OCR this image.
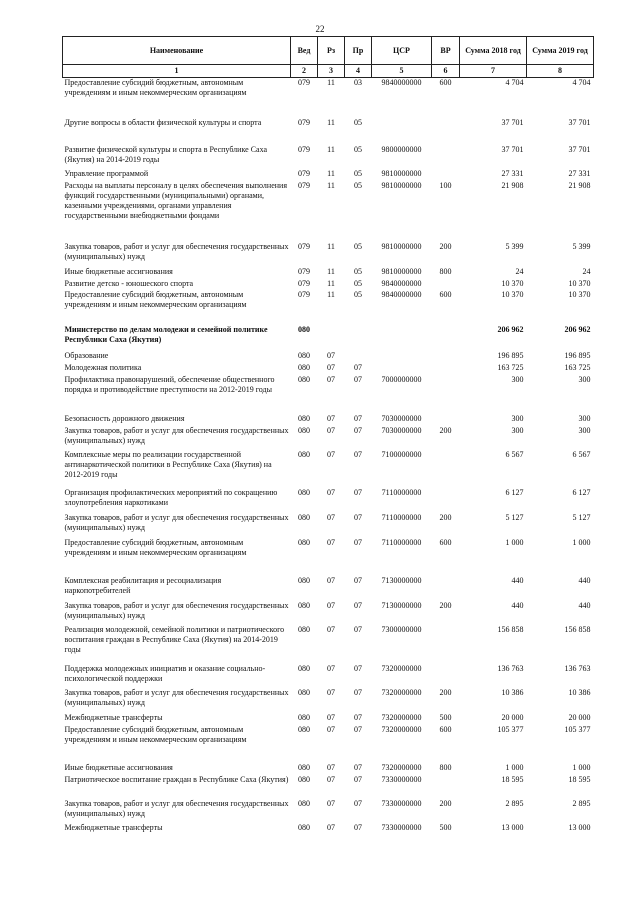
22
Наименование	Вед	Рз	Пр	ЦСР	ВР	Сумма 2018 год	Сумма 2019 год
1	2	3	4	5	6	7	8
Предоставление субсидий бюджетным, автономным учреждениям и иным некоммерческим организациям	079	11	03	9840000000	600	4 704	4 704
Другие вопросы в области физической культуры и спорта	079	11	05			37 701	37 701
Развитие физической культуры и спорта в Республике Саха (Якутия) на 2014-2019 годы	079	11	05	9800000000		37 701	37 701
Управление программой	079	11	05	9810000000		27 331	27 331
Расходы на выплаты персоналу в целях обеспечения выполнения функций государственными (муниципальными) органами, казенными учреждениями, органами управления государственными внебюджетными фондами	079	11	05	9810000000	100	21 908	21 908
Закупка товаров, работ и услуг для обеспечения государственных (муниципальных) нужд	079	11	05	9810000000	200	5 399	5 399
Иные бюджетные ассигнования	079	11	05	9810000000	800	24	24
Развитие детско - юношеского спорта	079	11	05	9840000000		10 370	10 370
Предоставление субсидий бюджетным, автономным учреждениям и иным некоммерческим организациям	079	11	05	9840000000	600	10 370	10 370
Министерство по делам молодежи и семейной политике Республики Саха (Якутия)	080					206 962	206 962
Образование	080	07				196 895	196 895
Молодежная политика	080	07	07			163 725	163 725
Профилактика правонарушений, обеспечение общественного порядка и противодействие преступности на 2012-2019 годы	080	07	07	7000000000		300	300
Безопасность дорожного движения	080	07	07	7030000000		300	300
Закупка товаров, работ и услуг для обеспечения государственных (муниципальных) нужд	080	07	07	7030000000	200	300	300
Комплексные меры по реализации государственной антинаркотической политики в Республике Саха (Якутия) на 2012-2019 годы	080	07	07	7100000000		6 567	6 567
Организация профилактических мероприятий по сокращению злоупотребления наркотиками	080	07	07	7110000000		6 127	6 127
Закупка товаров, работ и услуг для обеспечения государственных (муниципальных) нужд	080	07	07	7110000000	200	5 127	5 127
Предоставление субсидий бюджетным, автономным учреждениям и иным некоммерческим организациям	080	07	07	7110000000	600	1 000	1 000
Комплексная реабилитация и ресоциализация наркопотребителей	080	07	07	7130000000		440	440
Закупка товаров, работ и услуг для обеспечения государственных (муниципальных) нужд	080	07	07	7130000000	200	440	440
Реализация молодежной, семейной политики и патриотического воспитания граждан в Республике Саха (Якутия) на 2014-2019 годы	080	07	07	7300000000		156 858	156 858
Поддержка молодежных инициатив и оказание социально-психологической поддержки	080	07	07	7320000000		136 763	136 763
Закупка товаров, работ и услуг для обеспечения государственных (муниципальных) нужд	080	07	07	7320000000	200	10 386	10 386
Межбюджетные трансферты	080	07	07	7320000000	500	20 000	20 000
Предоставление субсидий бюджетным, автономным учреждениям и иным некоммерческим организациям	080	07	07	7320000000	600	105 377	105 377
Иные бюджетные ассигнования	080	07	07	7320000000	800	1 000	1 000
Патриотическое воспитание граждан в Республике Саха (Якутия)	080	07	07	7330000000		18 595	18 595
Закупка товаров, работ и услуг для обеспечения государственных (муниципальных) нужд	080	07	07	7330000000	200	2 895	2 895
Межбюджетные трансферты	080	07	07	7330000000	500	13 000	13 000
